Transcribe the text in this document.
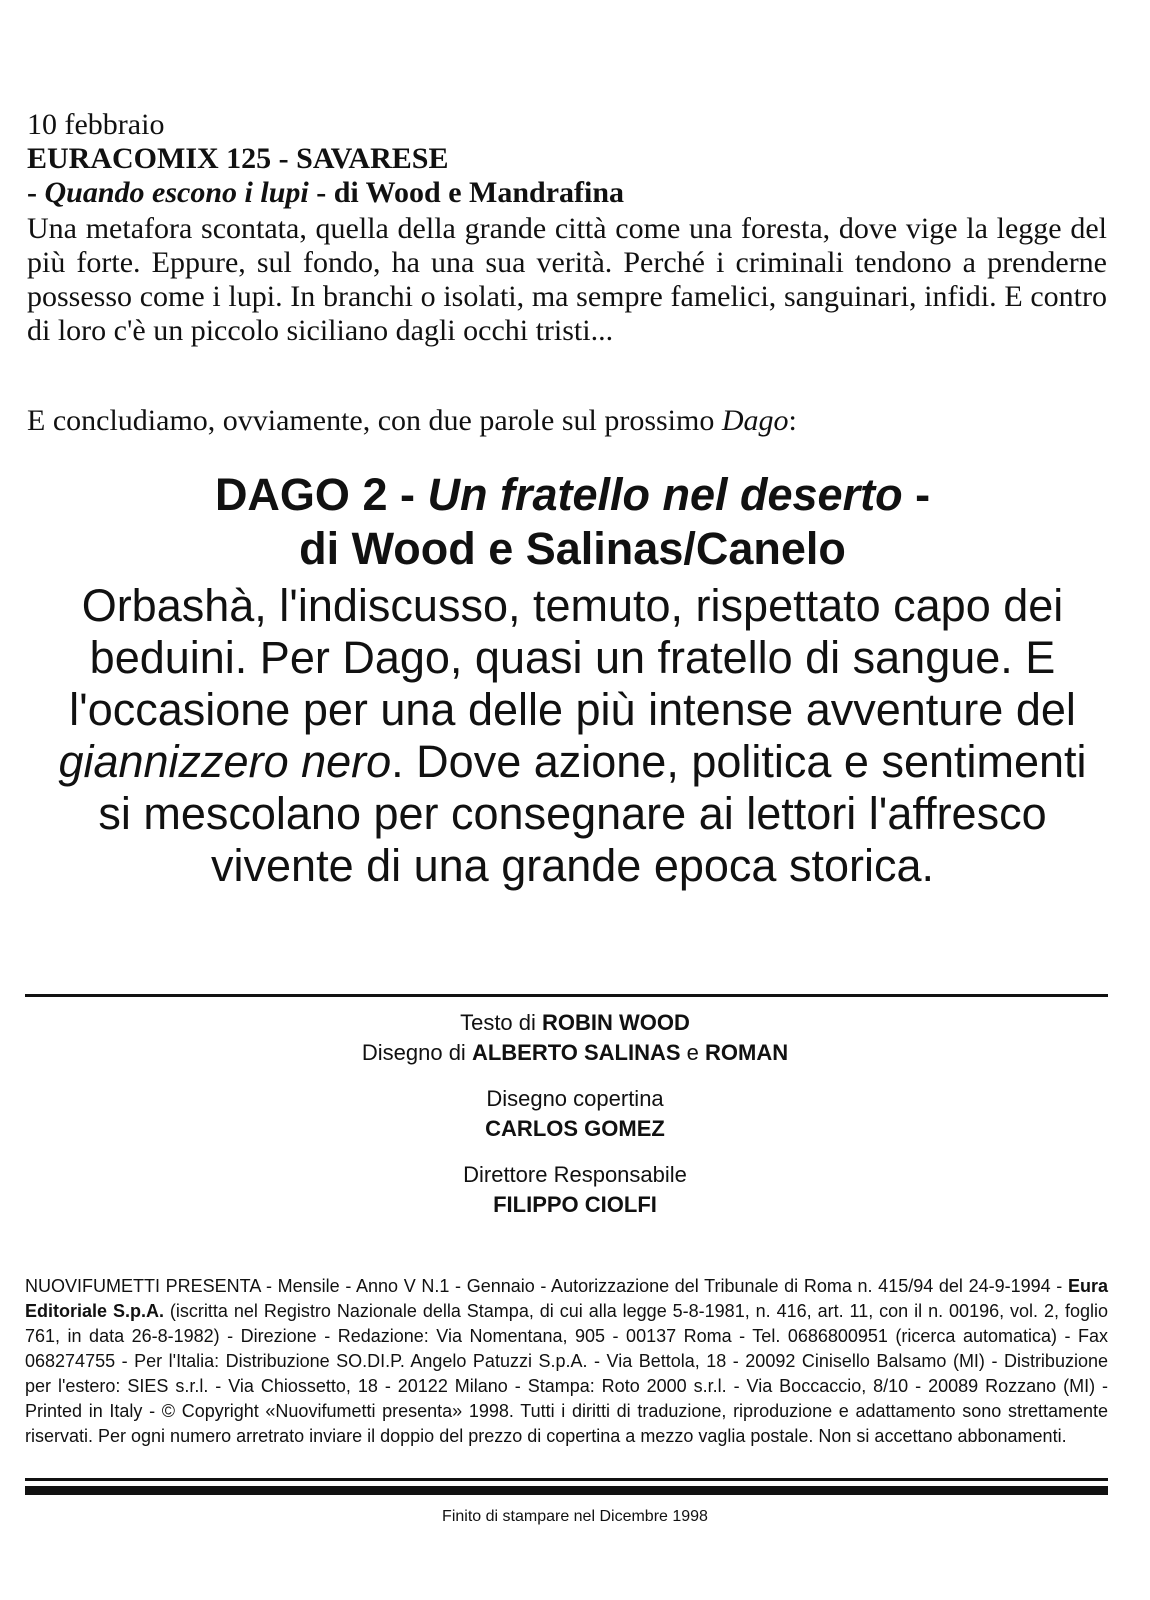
10 febbraio
EURACOMIX 125 - SAVARESE
- Quando escono i lupi - di Wood e Mandrafina
Una metafora scontata, quella della grande città come una foresta, dove vige la legge del più forte. Eppure, sul fondo, ha una sua verità. Perché i criminali tendono a prenderne possesso come i lupi. In branchi o isolati, ma sempre famelici, sanguinari, infidi. E contro di loro c'è un piccolo siciliano dagli occhi tristi...
E concludiamo, ovviamente, con due parole sul prossimo Dago:
DAGO 2 - Un fratello nel deserto -
di Wood e Salinas/Canelo
Orbashà, l'indiscusso, temuto, rispettato capo dei beduini. Per Dago, quasi un fratello di sangue. E l'occasione per una delle più intense avventure del giannizzero nero. Dove azione, politica e sentimenti si mescolano per consegnare ai lettori l'affresco vivente di una grande epoca storica.
Testo di ROBIN WOOD
Disegno di ALBERTO SALINAS e ROMAN
Disegno copertina
CARLOS GOMEZ
Direttore Responsabile
FILIPPO CIOLFI
NUOVIFUMETTI PRESENTA - Mensile - Anno V N.1 - Gennaio - Autorizzazione del Tribunale di Roma n. 415/94 del 24-9-1994 - Eura Editoriale S.p.A. (iscritta nel Registro Nazionale della Stampa, di cui alla legge 5-8-1981, n. 416, art. 11, con il n. 00196, vol. 2, foglio 761, in data 26-8-1982) - Direzione - Redazione: Via Nomentana, 905 - 00137 Roma - Tel. 0686800951 (ricerca automatica) - Fax 068274755 - Per l'Italia: Distribuzione SO.DI.P. Angelo Patuzzi S.p.A. - Via Bettola, 18 - 20092 Cinisello Balsamo (MI) - Distribuzione per l'estero: SIES s.r.l. - Via Chiossetto, 18 - 20122 Milano - Stampa: Roto 2000 s.r.l. - Via Boccaccio, 8/10 - 20089 Rozzano (MI) - Printed in Italy - © Copyright «Nuovifumetti presenta» 1998. Tutti i diritti di traduzione, riproduzione e adattamento sono strettamente riservati. Per ogni numero arretrato inviare il doppio del prezzo di copertina a mezzo vaglia postale. Non si accettano abbonamenti.
Finito di stampare nel Dicembre 1998
